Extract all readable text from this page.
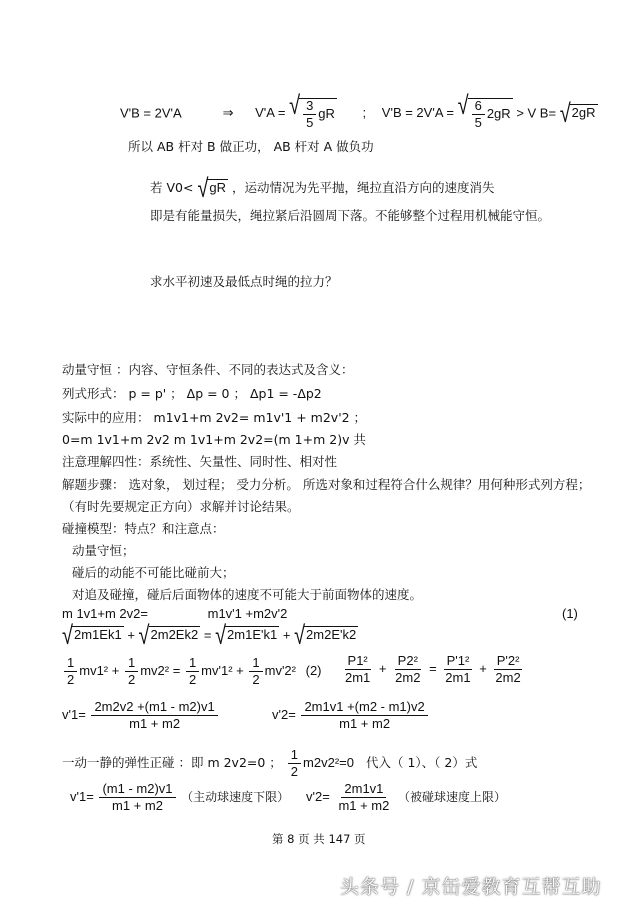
V'B = 2V'A	⇒ V'A = √ $\frac{3}{5}$ gR ; V'B = 2V'A = √ $\frac{6}{5} 2gR > V$ B= √ 2gR
所以 AB 杆对 B 做正功， AB 杆对 A 做负功
若 V0< √ gR ，运动情况为先平抛，绳拉直沿方向的速度消失
即是有能量损失，绳拉紧后沿圆周下落。不能够整个过程用机械能守恒。
求水平初速及最低点时绳的拉力？
动量守恒 ：内容、守恒条件、不同的表达式及含义：
列式形式： p = p' ； Δp = 0 ； Δp1 = -Δp2
实际中的应用： m1v1+m 2v2= m1v'1 + m2v'2 ；
0=m 1v1+m 2v2 m 1v1+m 2v2=(m 1+m 2)v 共
注意理解四性：系统性、矢量性、同时性、相对性
解题步骤： 选对象， 划过程； 受力分析。 所选对象和过程符合什么规律？用何种形式列方程；
（有时先要规定正方向）求解并讨论结果。
碰撞模型：特点？和注意点：
动量守恒；
碰后的动能不可能比碰前大；
对追及碰撞，碰后后面物体的速度不可能大于前面物体的速度。
m 1v1+m 2v2=	m1v'1 +m2v'2	(1)
√ 2m1Ek1 + √ 2m2Ek2 = √ 2m1E'k1 + √ 2m2E'k2
$\frac{1}{2} mv1^2 + \frac{1}{2} mv2^2 = \frac{1}{2} mv'1^2 + \frac{1}{2} mv'2^2$ $(2) \frac{\text{P1²}}{2m1} + \frac{\text{P2²}}{2m2} = \frac{\text{P'1²}}{2m1} + \frac{\text{P'2²}}{2m2}$
$v'1= \frac{2m2v2 +(m1 - m2)v1}{m1 + m2}$	$v'2= \frac{2m1v1 +(m2 - m1)v2}{m1 + m2}$
一动一静的弹性正碰 ：即 m 2v2=0 ； $\frac{1}{2} m2v2^2=0$ 代入（ 1）、（ 2）式
$v'1= \frac{(m1 - m2)v1}{m1 + m2}$ （主动球速度下限） $v'2= \frac{2m1v1}{m1 + m2}$ （被碰球速度上限）
第 8 页 共 147 页
头条号 / 京缶爱教育互帮互助
